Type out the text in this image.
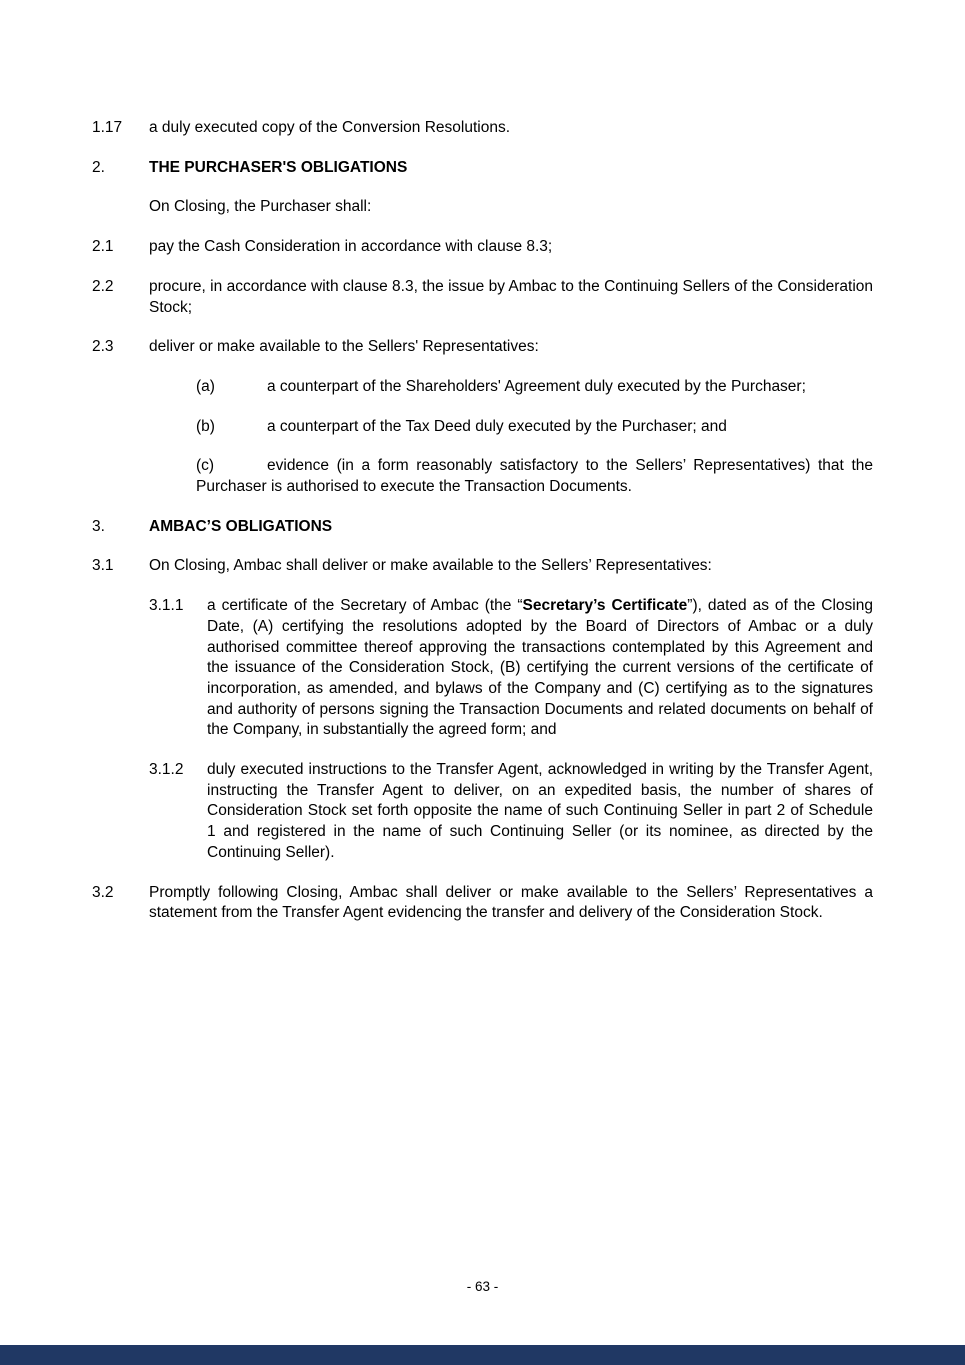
1.17	a duly executed copy of the Conversion Resolutions.

2.	THE PURCHASER'S OBLIGATIONS

On Closing, the Purchaser shall:

2.1	pay the Cash Consideration in accordance with clause 8.3;

2.2	procure, in accordance with clause 8.3, the issue by Ambac to the Continuing Sellers of the Consideration Stock;

2.3	deliver or make available to the Sellers' Representatives:

(a)	a counterpart of the Shareholders' Agreement duly executed by the Purchaser;

(b)	a counterpart of the Tax Deed duly executed by the Purchaser; and

(c)	evidence (in a form reasonably satisfactory to the Sellers’ Representatives) that the Purchaser is authorised to execute the Transaction Documents.

3.	AMBAC’S OBLIGATIONS

3.1	On Closing, Ambac shall deliver or make available to the Sellers’ Representatives:

3.1.1	a certificate of the Secretary of Ambac (the “Secretary’s Certificate”), dated as of the Closing Date, (A) certifying the resolutions adopted by the Board of Directors of Ambac or a duly authorised committee thereof approving the transactions contemplated by this Agreement and the issuance of the Consideration Stock, (B) certifying the current versions of the certificate of incorporation, as amended, and bylaws of the Company and (C) certifying as to the signatures and authority of persons signing the Transaction Documents and related documents on behalf of the Company, in substantially the agreed form; and

3.1.2	duly executed instructions to the Transfer Agent, acknowledged in writing by the Transfer Agent, instructing the Transfer Agent to deliver, on an expedited basis, the number of shares of Consideration Stock set forth opposite the name of such Continuing Seller in part 2 of Schedule 1 and registered in the name of such Continuing Seller (or its nominee, as directed by the Continuing Seller).

3.2	Promptly following Closing, Ambac shall deliver or make available to the Sellers’ Representatives a statement from the Transfer Agent evidencing the transfer and delivery of the Consideration Stock.

- 63 -
